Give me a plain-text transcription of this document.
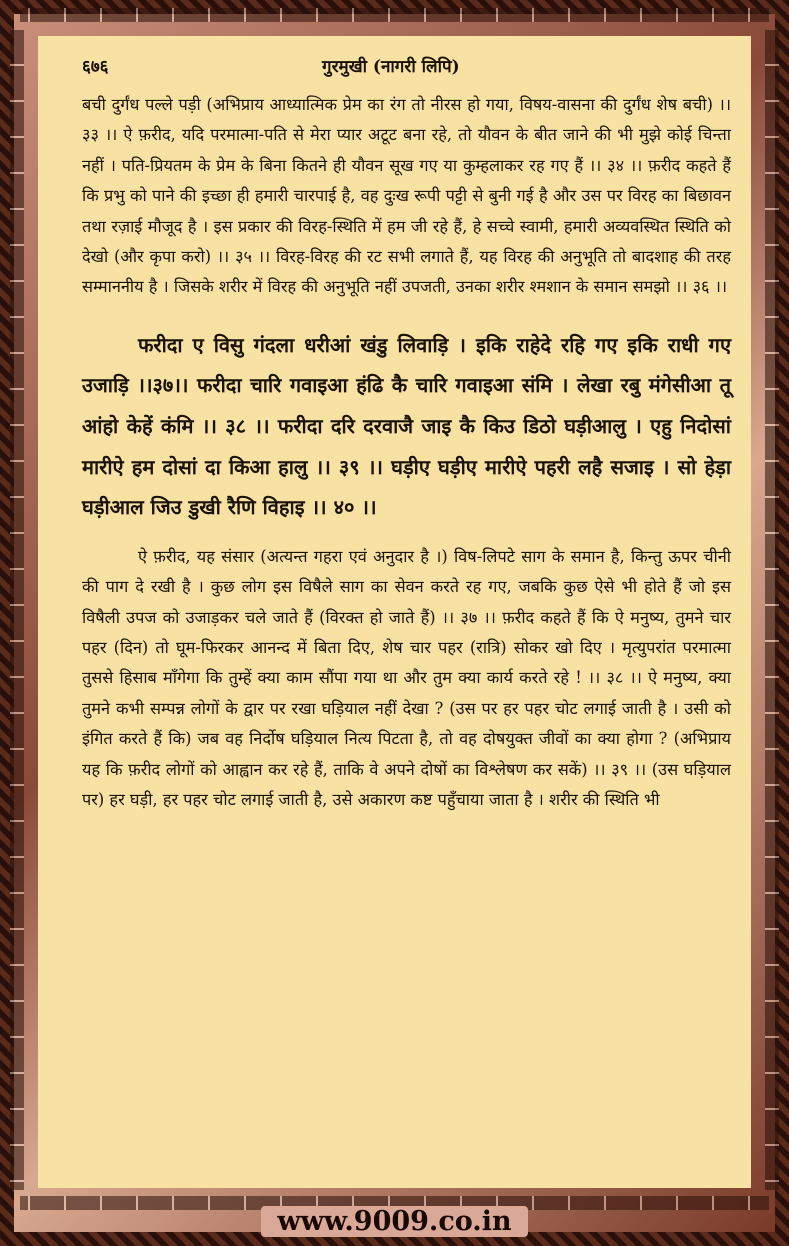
६७६	गुरमुखी (नागरी लिपि)

बची दुर्गंध पल्ले पड़ी (अभिप्राय आध्यात्मिक प्रेम का रंग तो नीरस हो गया, विषय-वासना की दुर्गंध शेष बची) ।। ३३ ।। ऐ फ़रीद, यदि परमात्मा-पति से मेरा प्यार अटूट बना रहे, तो यौवन के बीत जाने की भी मुझे कोई चिन्ता नहीं । पति-प्रियतम के प्रेम के बिना कितने ही यौवन सूख गए या कुम्हलाकर रह गए हैं ।। ३४ ।। फ़रीद कहते हैं कि प्रभु को पाने की इच्छा ही हमारी चारपाई है, वह दुःख रूपी पट्टी से बुनी गई है और उस पर विरह का बिछावन तथा रज़ाई मौजूद है । इस प्रकार की विरह-स्थिति में हम जी रहे हैं, हे सच्चे स्वामी, हमारी अव्यवस्थित स्थिति को देखो (और कृपा करो) ।। ३५ ।। विरह-विरह की रट सभी लगाते हैं, यह विरह की अनुभूति तो बादशाह की तरह सम्माननीय है । जिसके शरीर में विरह की अनुभूति नहीं उपजती, उनका शरीर श्मशान के समान समझो ।। ३६ ।।

फरीदा ए विसु गंदला धरीआं खंडु लिवाड़ि । इकि राहेदे रहि गए इकि राधी गए उजाड़ि ।।३७।। फरीदा चारि गवाइआ हंढि कै चारि गवाइआ संमि । लेखा रबु मंगेसीआ तू आंहो केहें कंमि ।। ३८ ।। फरीदा दरि दरवाजै जाइ कै किउ डिठो घड़ीआलु । एहु निदोसां मारीऐ हम दोसां दा किआ हालु ।। ३९ ।। घड़ीए घड़ीए मारीऐ पहरी लहै सजाइ । सो हेड़ा घड़ीआल जिउ डुखी रैणि विहाइ ।। ४० ।।

ऐ फ़रीद, यह संसार (अत्यन्त गहरा एवं अनुदार है ।) विष-लिपटे साग के समान है, किन्तु ऊपर चीनी की पाग दे रखी है । कुछ लोग इस विषैले साग का सेवन करते रह गए, जबकि कुछ ऐसे भी होते हैं जो इस विषैली उपज को उजाड़कर चले जाते हैं (विरक्त हो जाते हैं) ।। ३७ ।। फ़रीद कहते हैं कि ऐ मनुष्य, तुमने चार पहर (दिन) तो घूम-फिरकर आनन्द में बिता दिए, शेष चार पहर (रात्रि) सोकर खो दिए । मृत्युपरांत परमात्मा तुससे हिसाब माँगेगा कि तुम्हें क्या काम सौंपा गया था और तुम क्या कार्य करते रहे ! ।। ३८ ।। ऐ मनुष्य, क्या तुमने कभी सम्पन्न लोगों के द्वार पर रखा घड़ियाल नहीं देखा ? (उस पर हर पहर चोट लगाई जाती है । उसी को इंगित करते हैं कि) जब वह निर्दोष घड़ियाल नित्य पिटता है, तो वह दोषयुक्त जीवों का क्या होगा ? (अभिप्राय यह कि फ़रीद लोगों को आह्वान कर रहे हैं, ताकि वे अपने दोषों का विश्लेषण कर सकें) ।। ३९ ।। (उस घड़ियाल पर) हर घड़ी, हर पहर चोट लगाई जाती है, उसे अकारण कष्ट पहुँचाया जाता है । शरीर की स्थिति भी

www.9009.co.in
